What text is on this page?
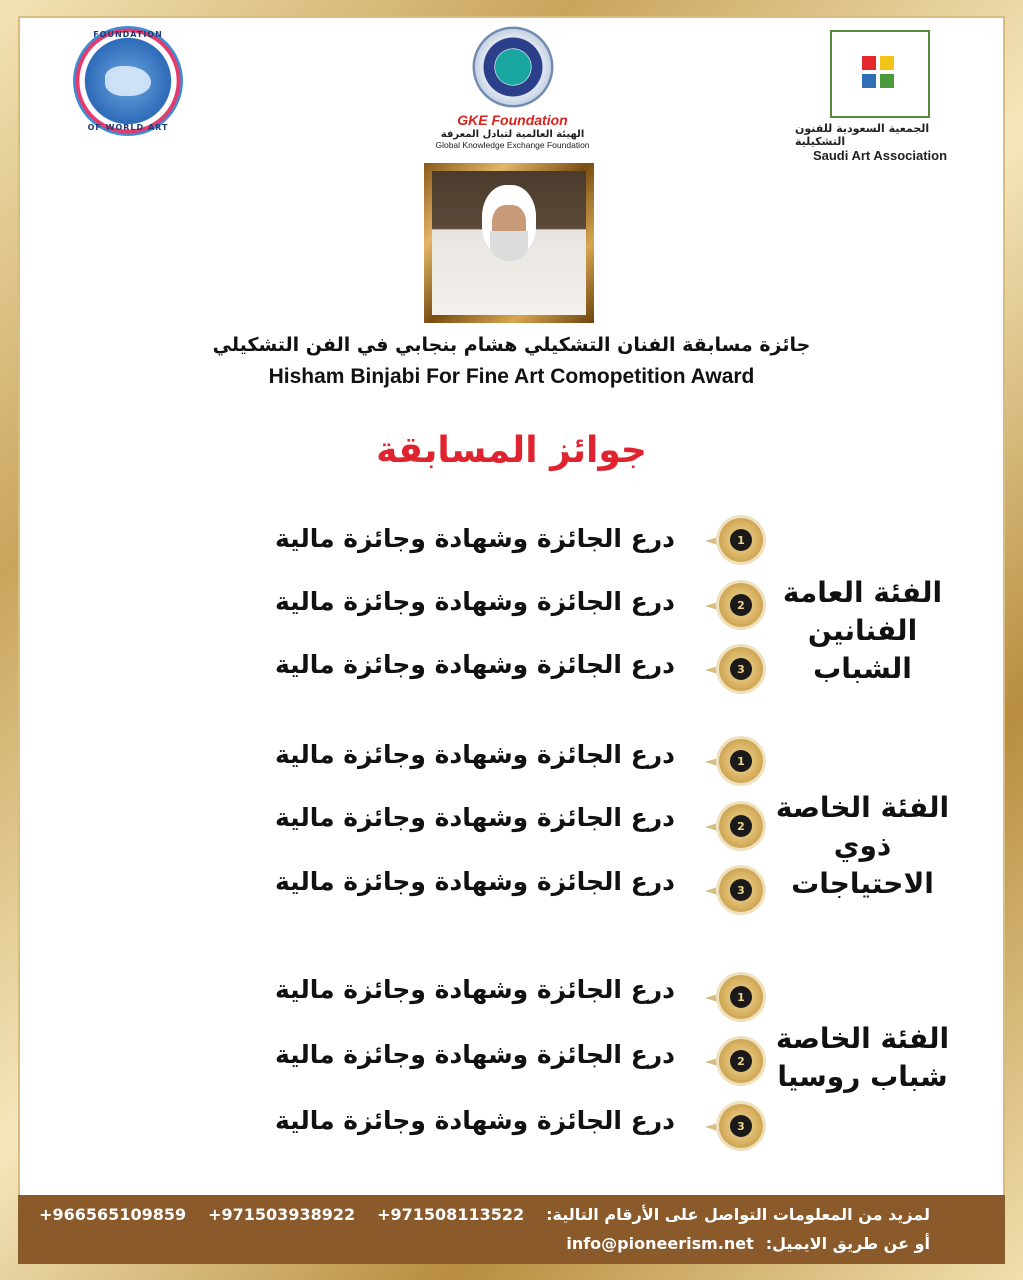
FOUNDATION
OF WORLD ART	GKE Foundation
الهيئة العالمية لتبادل المعرفة
Global Knowledge Exchange Foundation
الجمعية السعودية للفنون التشكيلية
Saudi Art Association
جائزة مسابقة الفنان التشكيلي هشام بنجابي في الفن التشكيلي
Hisham Binjabi For Fine Art Comopetition Award
جوائز المسابقة
الفئة العامة
الفنانين الشباب
1
درع الجائزة وشهادة وجائزة مالية
2
درع الجائزة وشهادة وجائزة مالية
3
درع الجائزة وشهادة وجائزة مالية
الفئة الخاصة
ذوي الاحتياجات
1
درع الجائزة وشهادة وجائزة مالية
2
درع الجائزة وشهادة وجائزة مالية
3
درع الجائزة وشهادة وجائزة مالية
الفئة الخاصة
شباب روسيا
1
درع الجائزة وشهادة وجائزة مالية
2
درع الجائزة وشهادة وجائزة مالية
3
درع الجائزة وشهادة وجائزة مالية
لمزيد من المعلومات التواصل على الأرقام التالية:
+971508113522
+971503938922
+966565109859
أو عن طريق الايميل:
info@pioneerism.net
